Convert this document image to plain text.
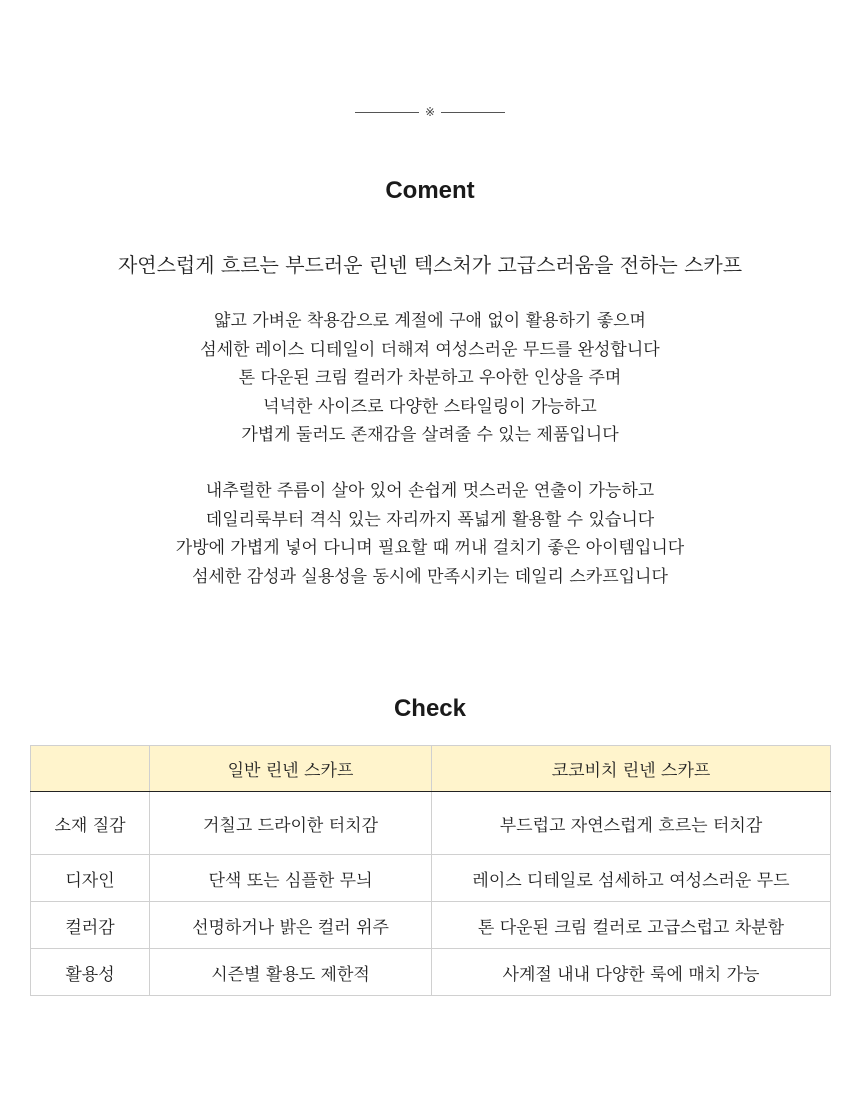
※
Coment
자연스럽게 흐르는 부드러운 린넨 텍스처가 고급스러움을 전하는 스카프
얇고 가벼운 착용감으로 계절에 구애 없이 활용하기 좋으며
섬세한 레이스 디테일이 더해져 여성스러운 무드를 완성합니다
톤 다운된 크림 컬러가 차분하고 우아한 인상을 주며
넉넉한 사이즈로 다양한 스타일링이 가능하고
가볍게 둘러도 존재감을 살려줄 수 있는 제품입니다
내추럴한 주름이 살아 있어 손쉽게 멋스러운 연출이 가능하고
데일리룩부터 격식 있는 자리까지 폭넓게 활용할 수 있습니다
가방에 가볍게 넣어 다니며 필요할 때 꺼내 걸치기 좋은 아이템입니다
섬세한 감성과 실용성을 동시에 만족시키는 데일리 스카프입니다
Check
	일반 린넨 스카프	코코비치 린넨 스카프
소재 질감	거칠고 드라이한 터치감	부드럽고 자연스럽게 흐르는 터치감
디자인	단색 또는 심플한 무늬	레이스 디테일로 섬세하고 여성스러운 무드
컬러감	선명하거나 밝은 컬러 위주	톤 다운된 크림 컬러로 고급스럽고 차분함
활용성	시즌별 활용도 제한적	사계절 내내 다양한 룩에 매치 가능
